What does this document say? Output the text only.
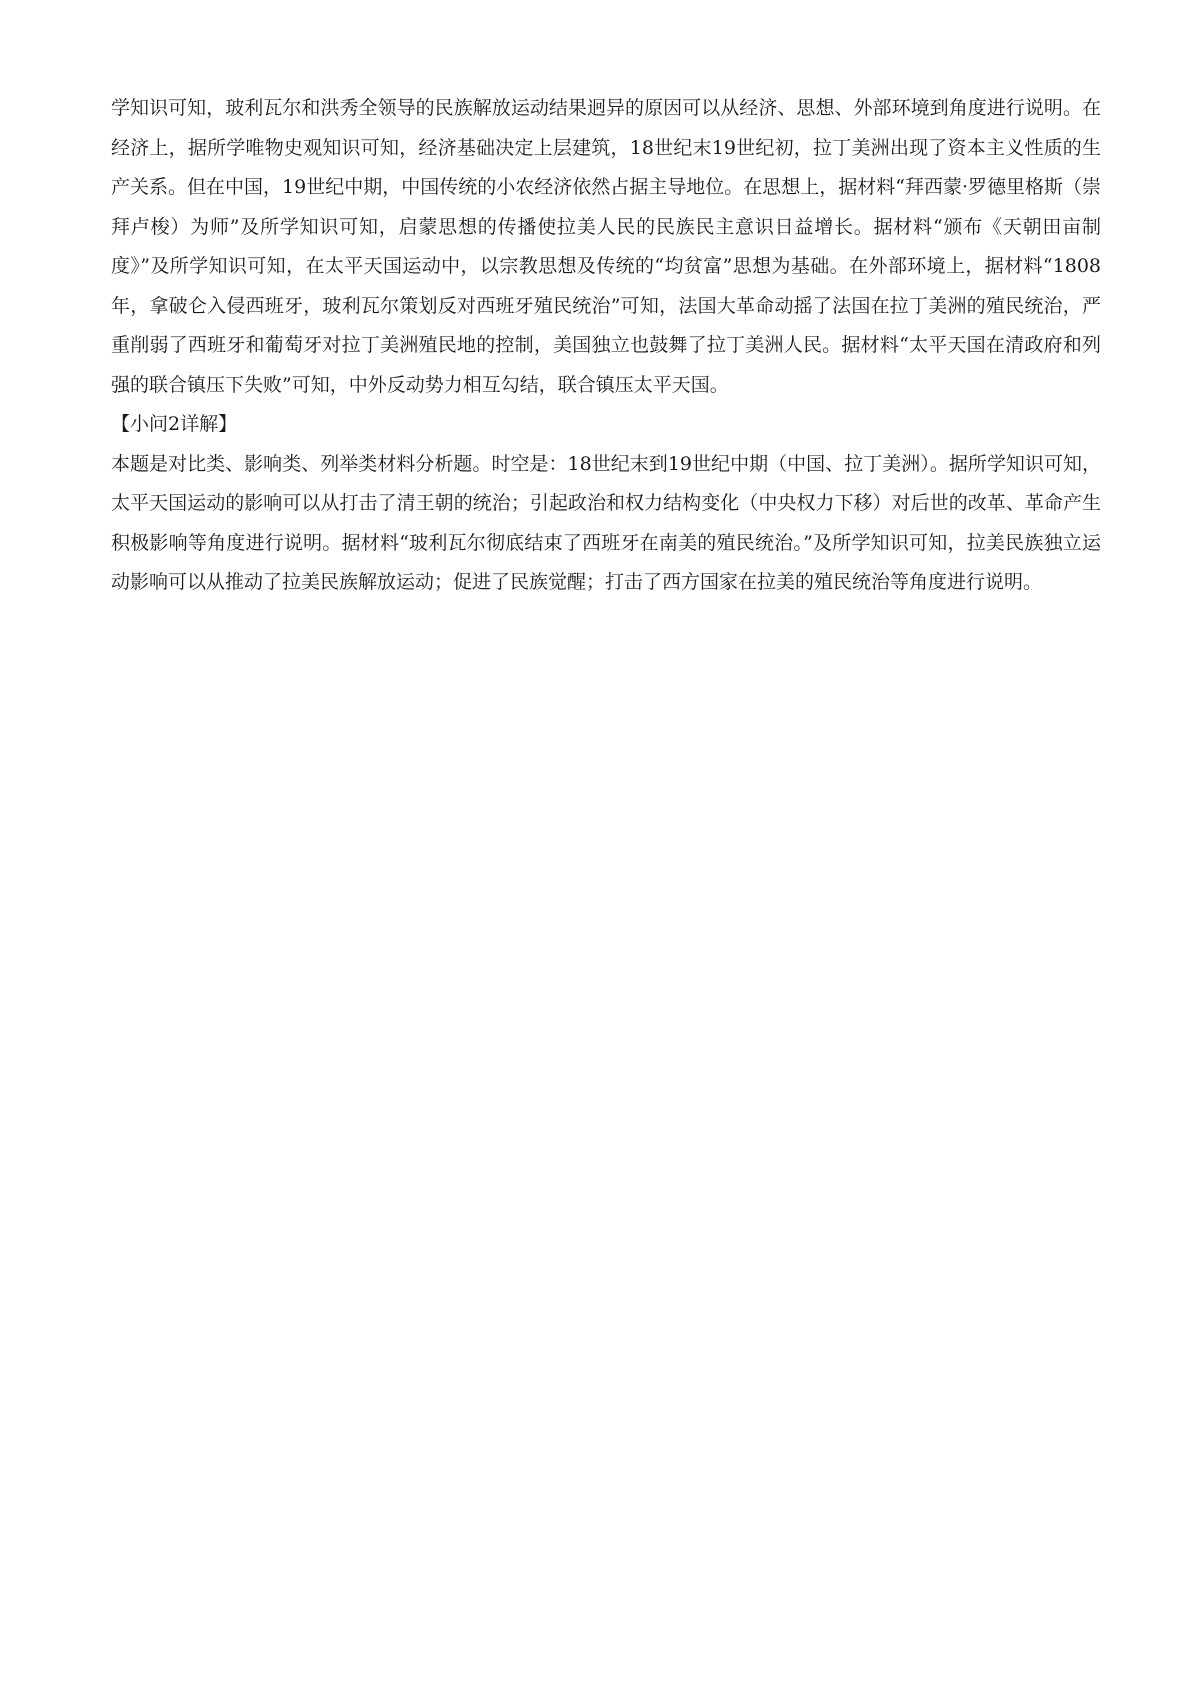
学知识可知，玻利瓦尔和洪秀全领导的民族解放运动结果迥异的原因可以从经济、思想、外部环境到角度进行说明。在经济上，据所学唯物史观知识可知，经济基础决定上层建筑，18世纪末19世纪初，拉丁美洲出现了资本主义性质的生产关系。但在中国，19世纪中期，中国传统的小农经济依然占据主导地位。在思想上，据材料“拜西蒙·罗德里格斯（崇拜卢梭）为师”及所学知识可知，启蒙思想的传播使拉美人民的民族民主意识日益增长。据材料“颁布《天朝田亩制度》”及所学知识可知，在太平天国运动中，以宗教思想及传统的“均贫富”思想为基础。在外部环境上，据材料“1808年，拿破仑入侵西班牙，玻利瓦尔策划反对西班牙殖民统治”可知，法国大革命动摇了法国在拉丁美洲的殖民统治，严重削弱了西班牙和葡萄牙对拉丁美洲殖民地的控制，美国独立也鼓舞了拉丁美洲人民。据材料“太平天国在清政府和列强的联合镇压下失败”可知，中外反动势力相互勾结，联合镇压太平天国。

【小问2详解】

本题是对比类、影响类、列举类材料分析题。时空是：18世纪末到19世纪中期（中国、拉丁美洲）。据所学知识可知，太平天国运动的影响可以从打击了清王朝的统治；引起政治和权力结构变化（中央权力下移）对后世的改革、革命产生积极影响等角度进行说明。据材料“玻利瓦尔彻底结束了西班牙在南美的殖民统治。”及所学知识可知，拉美民族独立运动影响可以从推动了拉美民族解放运动；促进了民族觉醒；打击了西方国家在拉美的殖民统治等角度进行说明。
